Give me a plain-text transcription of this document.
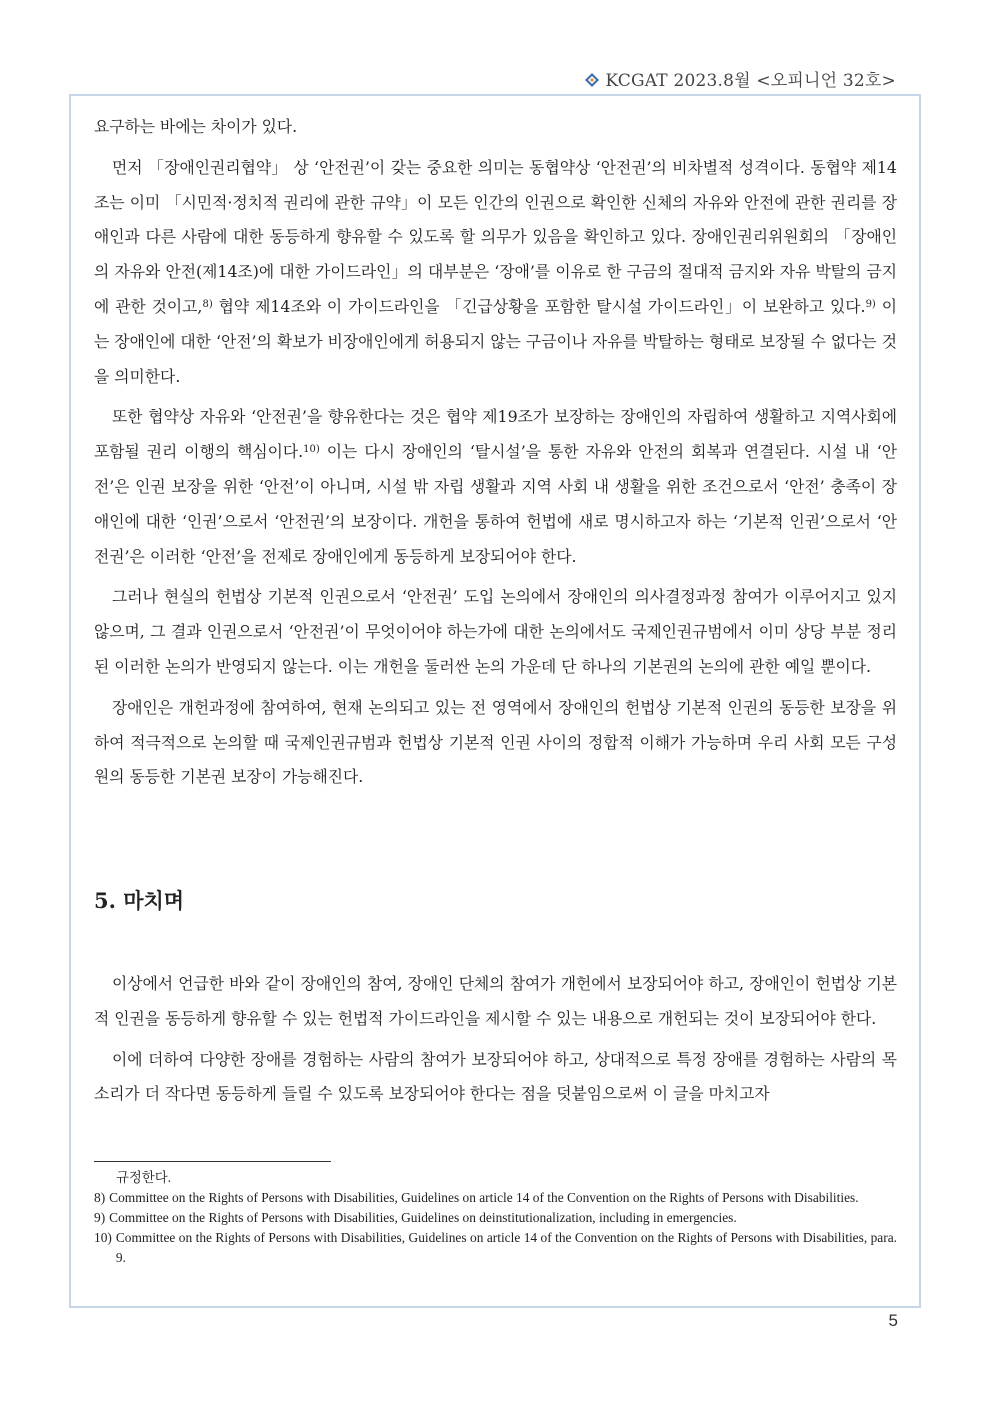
KCGAT 2023.8월 <오피니언 32호>

요구하는 바에는 차이가 있다.

먼저 「장애인권리협약」 상 ‘안전권’이 갖는 중요한 의미는 동협약상 ‘안전권’의 비차별적 성격이다. 동협약 제14조는 이미 「시민적·정치적 권리에 관한 규약」이 모든 인간의 인권으로 확인한 신체의 자유와 안전에 관한 권리를 장애인과 다른 사람에 대한 동등하게 향유할 수 있도록 할 의무가 있음을 확인하고 있다. 장애인권리위원회의 「장애인의 자유와 안전(제14조)에 대한 가이드라인」의 대부분은 ‘장애’를 이유로 한 구금의 절대적 금지와 자유 박탈의 금지에 관한 것이고,$^{8)}$ 협약 제14조와 이 가이드라인을 「긴급상황을 포함한 탈시설 가이드라인」이 보완하고 있다.$^{9)}$ 이는 장애인에 대한 ‘안전’의 확보가 비장애인에게 허용되지 않는 구금이나 자유를 박탈하는 형태로 보장될 수 없다는 것을 의미한다.

또한 협약상 자유와 ‘안전권’을 향유한다는 것은 협약 제19조가 보장하는 장애인의 자립하여 생활하고 지역사회에 포함될 권리 이행의 핵심이다.$^{10)}$ 이는 다시 장애인의 ‘탈시설’을 통한 자유와 안전의 회복과 연결된다. 시설 내 ‘안전’은 인권 보장을 위한 ‘안전’이 아니며, 시설 밖 자립 생활과 지역 사회 내 생활을 위한 조건으로서 ‘안전’ 충족이 장애인에 대한 ‘인권’으로서 ‘안전권’의 보장이다. 개헌을 통하여 헌법에 새로 명시하고자 하는 ‘기본적 인권’으로서 ‘안전권’은 이러한 ‘안전’을 전제로 장애인에게 동등하게 보장되어야 한다.

그러나 현실의 헌법상 기본적 인권으로서 ‘안전권’ 도입 논의에서 장애인의 의사결정과정 참여가 이루어지고 있지 않으며, 그 결과 인권으로서 ‘안전권’이 무엇이어야 하는가에 대한 논의에서도 국제인권규범에서 이미 상당 부분 정리된 이러한 논의가 반영되지 않는다. 이는 개헌을 둘러싼 논의 가운데 단 하나의 기본권의 논의에 관한 예일 뿐이다.

장애인은 개헌과정에 참여하여, 현재 논의되고 있는 전 영역에서 장애인의 헌법상 기본적 인권의 동등한 보장을 위하여 적극적으로 논의할 때 국제인권규범과 헌법상 기본적 인권 사이의 정합적 이해가 가능하며 우리 사회 모든 구성원의 동등한 기본권 보장이 가능해진다.

5. 마치며

이상에서 언급한 바와 같이 장애인의 참여, 장애인 단체의 참여가 개헌에서 보장되어야 하고, 장애인이 헌법상 기본적 인권을 동등하게 향유할 수 있는 헌법적 가이드라인을 제시할 수 있는 내용으로 개헌되는 것이 보장되어야 한다.

이에 더하여 다양한 장애를 경험하는 사람의 참여가 보장되어야 하고, 상대적으로 특정 장애를 경험하는 사람의 목소리가 더 작다면 동등하게 들릴 수 있도록 보장되어야 한다는 점을 덧붙임으로써 이 글을 마치고자

규정한다.
8) Committee on the Rights of Persons with Disabilities, Guidelines on article 14 of the Convention on the Rights of Persons with Disabilities.
9) Committee on the Rights of Persons with Disabilities, Guidelines on deinstitutionalization, including in emergencies.
10) Committee on the Rights of Persons with Disabilities, Guidelines on article 14 of the Convention on the Rights of Persons with Disabilities, para. 9.
5
